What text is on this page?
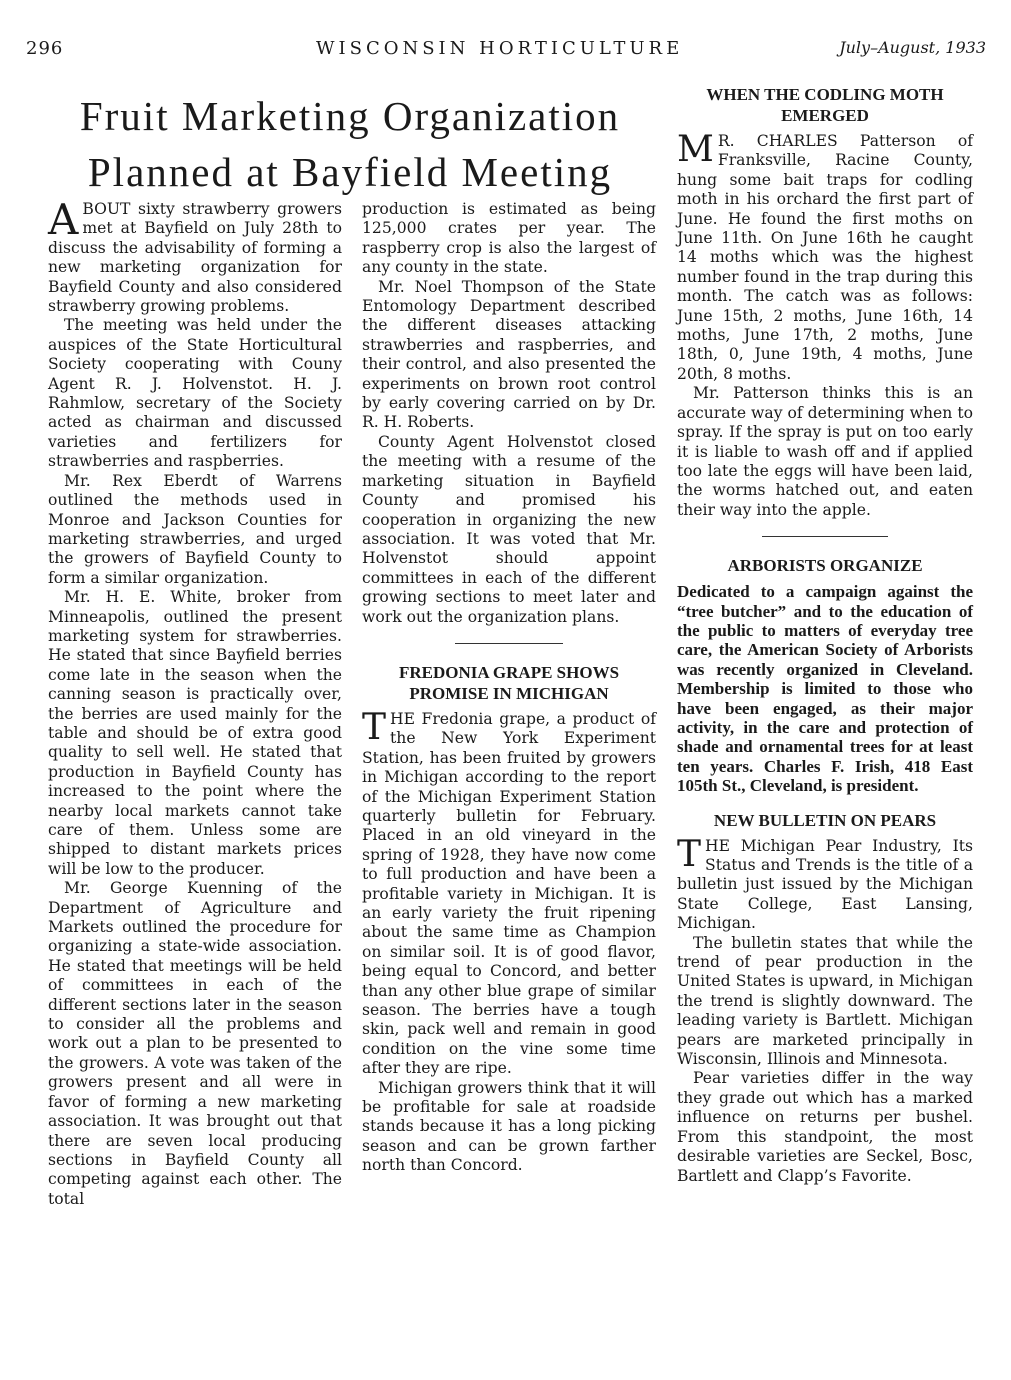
296	WISCONSIN HORTICULTURE	July–August, 1933
Fruit Marketing Organization
Planned at Bayfield Meeting

ABOUT sixty strawberry growers met at Bayfield on July 28th to discuss the advisability of forming a new marketing organization for Bayfield County and also considered strawberry growing problems.

The meeting was held under the auspices of the State Horticultural Society cooperating with Couny Agent R. J. Holvenstot. H. J. Rahmlow, secretary of the Society acted as chairman and discussed varieties and fertilizers for strawberries and raspberries.

Mr. Rex Eberdt of Warrens outlined the methods used in Monroe and Jackson Counties for marketing strawberries, and urged the growers of Bayfield County to form a similar organization.

Mr. H. E. White, broker from Minneapolis, outlined the present marketing system for strawberries. He stated that since Bayfield berries come late in the season when the canning season is practically over, the berries are used mainly for the table and should be of extra good quality to sell well. He stated that production in Bayfield County has increased to the point where the nearby local markets cannot take care of them. Unless some are shipped to distant markets prices will be low to the producer.

Mr. George Kuenning of the Department of Agriculture and Markets outlined the procedure for organizing a state-wide association. He stated that meetings will be held of committees in each of the different sections later in the season to consider all the problems and work out a plan to be presented to the growers. A vote was taken of the growers present and all were in favor of forming a new marketing association. It was brought out that there are seven local producing sections in Bayfield County all competing against each other. The total

production is estimated as being 125,000 crates per year. The raspberry crop is also the largest of any county in the state.

Mr. Noel Thompson of the State Entomology Department described the different diseases attacking strawberries and raspberries, and their control, and also presented the experiments on brown root control by early covering carried on by Dr. R. H. Roberts.

County Agent Holvenstot closed the meeting with a resume of the marketing situation in Bayfield County and promised his cooperation in organizing the new association. It was voted that Mr. Holvenstot should appoint committees in each of the different growing sections to meet later and work out the organization plans.

FREDONIA GRAPE SHOWS PROMISE IN MICHIGAN

THE Fredonia grape, a product of the New York Experiment Station, has been fruited by growers in Michigan according to the report of the Michigan Experiment Station quarterly bulletin for February. Placed in an old vineyard in the spring of 1928, they have now come to full production and have been a profitable variety in Michigan. It is an early variety the fruit ripening about the same time as Champion on similar soil. It is of good flavor, being equal to Concord, and better than any other blue grape of similar season. The berries have a tough skin, pack well and remain in good condition on the vine some time after they are ripe.

Michigan growers think that it will be profitable for sale at roadside stands because it has a long picking season and can be grown farther north than Concord.

WHEN THE CODLING MOTH EMERGED

M R. CHARLES Patterson of Franksville, Racine County, hung some bait traps for codling moth in his orchard the first part of June. He found the first moths on June 11th. On June 16th he caught 14 moths which was the highest number found in the trap during this month. The catch was as follows: June 15th, 2 moths, June 16th, 14 moths, June 17th, 2 moths, June 18th, 0, June 19th, 4 moths, June 20th, 8 moths.

Mr. Patterson thinks this is an accurate way of determining when to spray. If the spray is put on too early it is liable to wash off and if applied too late the eggs will have been laid, the worms hatched out, and eaten their way into the apple.

ARBORISTS ORGANIZE

Dedicated to a campaign against the “tree butcher” and to the education of the public to matters of everyday tree care, the American Society of Arborists was recently organized in Cleveland. Membership is limited to those who have been engaged, as their major activity, in the care and protection of shade and ornamental trees for at least ten years. Charles F. Irish, 418 East 105th St., Cleveland, is president.

NEW BULLETIN ON PEARS

THE Michigan Pear Industry, Its Status and Trends is the title of a bulletin just issued by the Michigan State College, East Lansing, Michigan.

The bulletin states that while the trend of pear production in the United States is upward, in Michigan the trend is slightly downward. The leading variety is Bartlett. Michigan pears are marketed principally in Wisconsin, Illinois and Minnesota.

Pear varieties differ in the way they grade out which has a marked influence on returns per bushel. From this standpoint, the most desirable varieties are Seckel, Bosc, Bartlett and Clapp’s Favorite.
